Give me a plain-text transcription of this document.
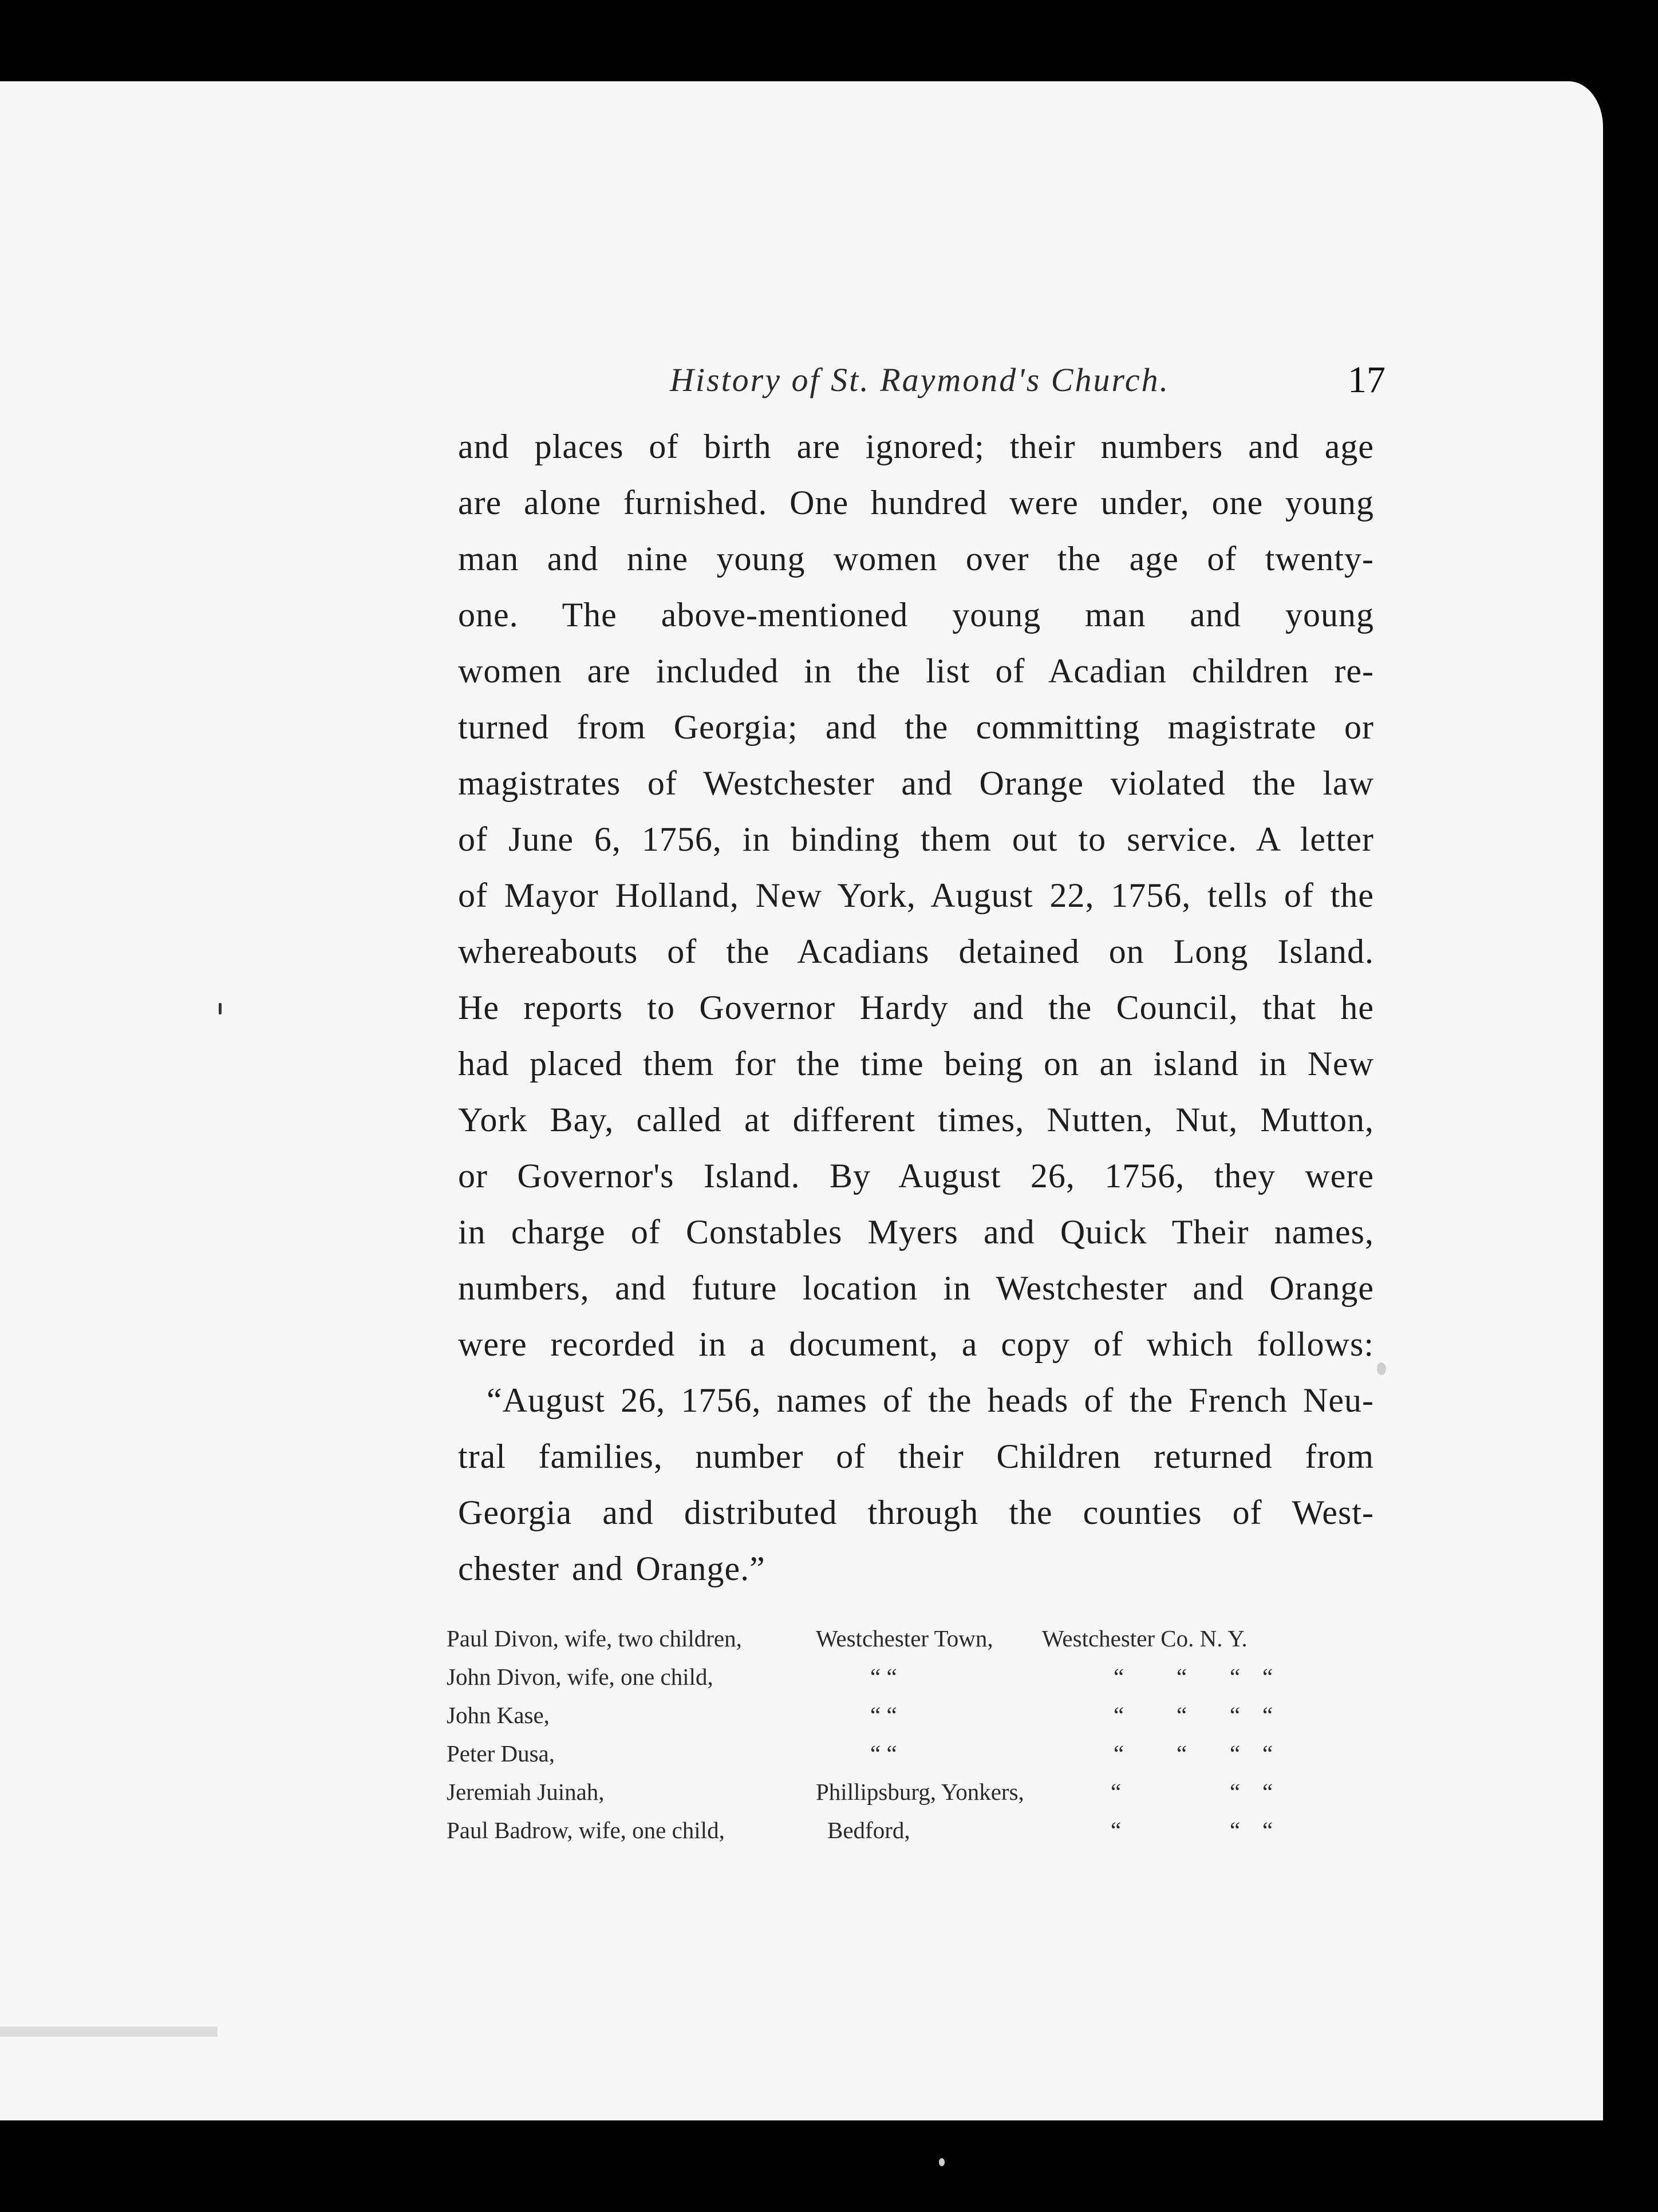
History of St. Raymond's Church.	17
and places of birth are ignored; their numbers and age
are alone furnished. One hundred were under, one young
man and nine young women over the age of twenty-
one. The above-mentioned young man and young
women are included in the list of Acadian children re-
turned from Georgia; and the committing magistrate or
magistrates of Westchester and Orange violated the law
of June 6, 1756, in binding them out to service. A letter
of Mayor Holland, New York, August 22, 1756, tells of the
whereabouts of the Acadians detained on Long Island.
He reports to Governor Hardy and the Council, that he
had placed them for the time being on an island in New
York Bay, called at different times, Nutten, Nut, Mutton,
or Governor's Island. By August 26, 1756, they were
in charge of Constables Myers and Quick Their names,
numbers, and future location in Westchester and Orange
were recorded in a document, a copy of which follows:
“August 26, 1756, names of the heads of the French Neu-
tral families, number of their Children returned from
Georgia and distributed through the counties of West-
chester and Orange.”
Paul Divon, wife, two children,	Westchester Town, Westchester Co. N. Y.
John Divon, wife, one child,	“ “	“ “ “ “
John Kase,	“ “	“ “ “ “
Peter Dusa,	“ “	“ “ “ “
Jeremiah Juinah,	Phillipsburg, Yonkers,	“	“ “
Paul Badrow, wife, one child,	Bedford,	“	“ “
